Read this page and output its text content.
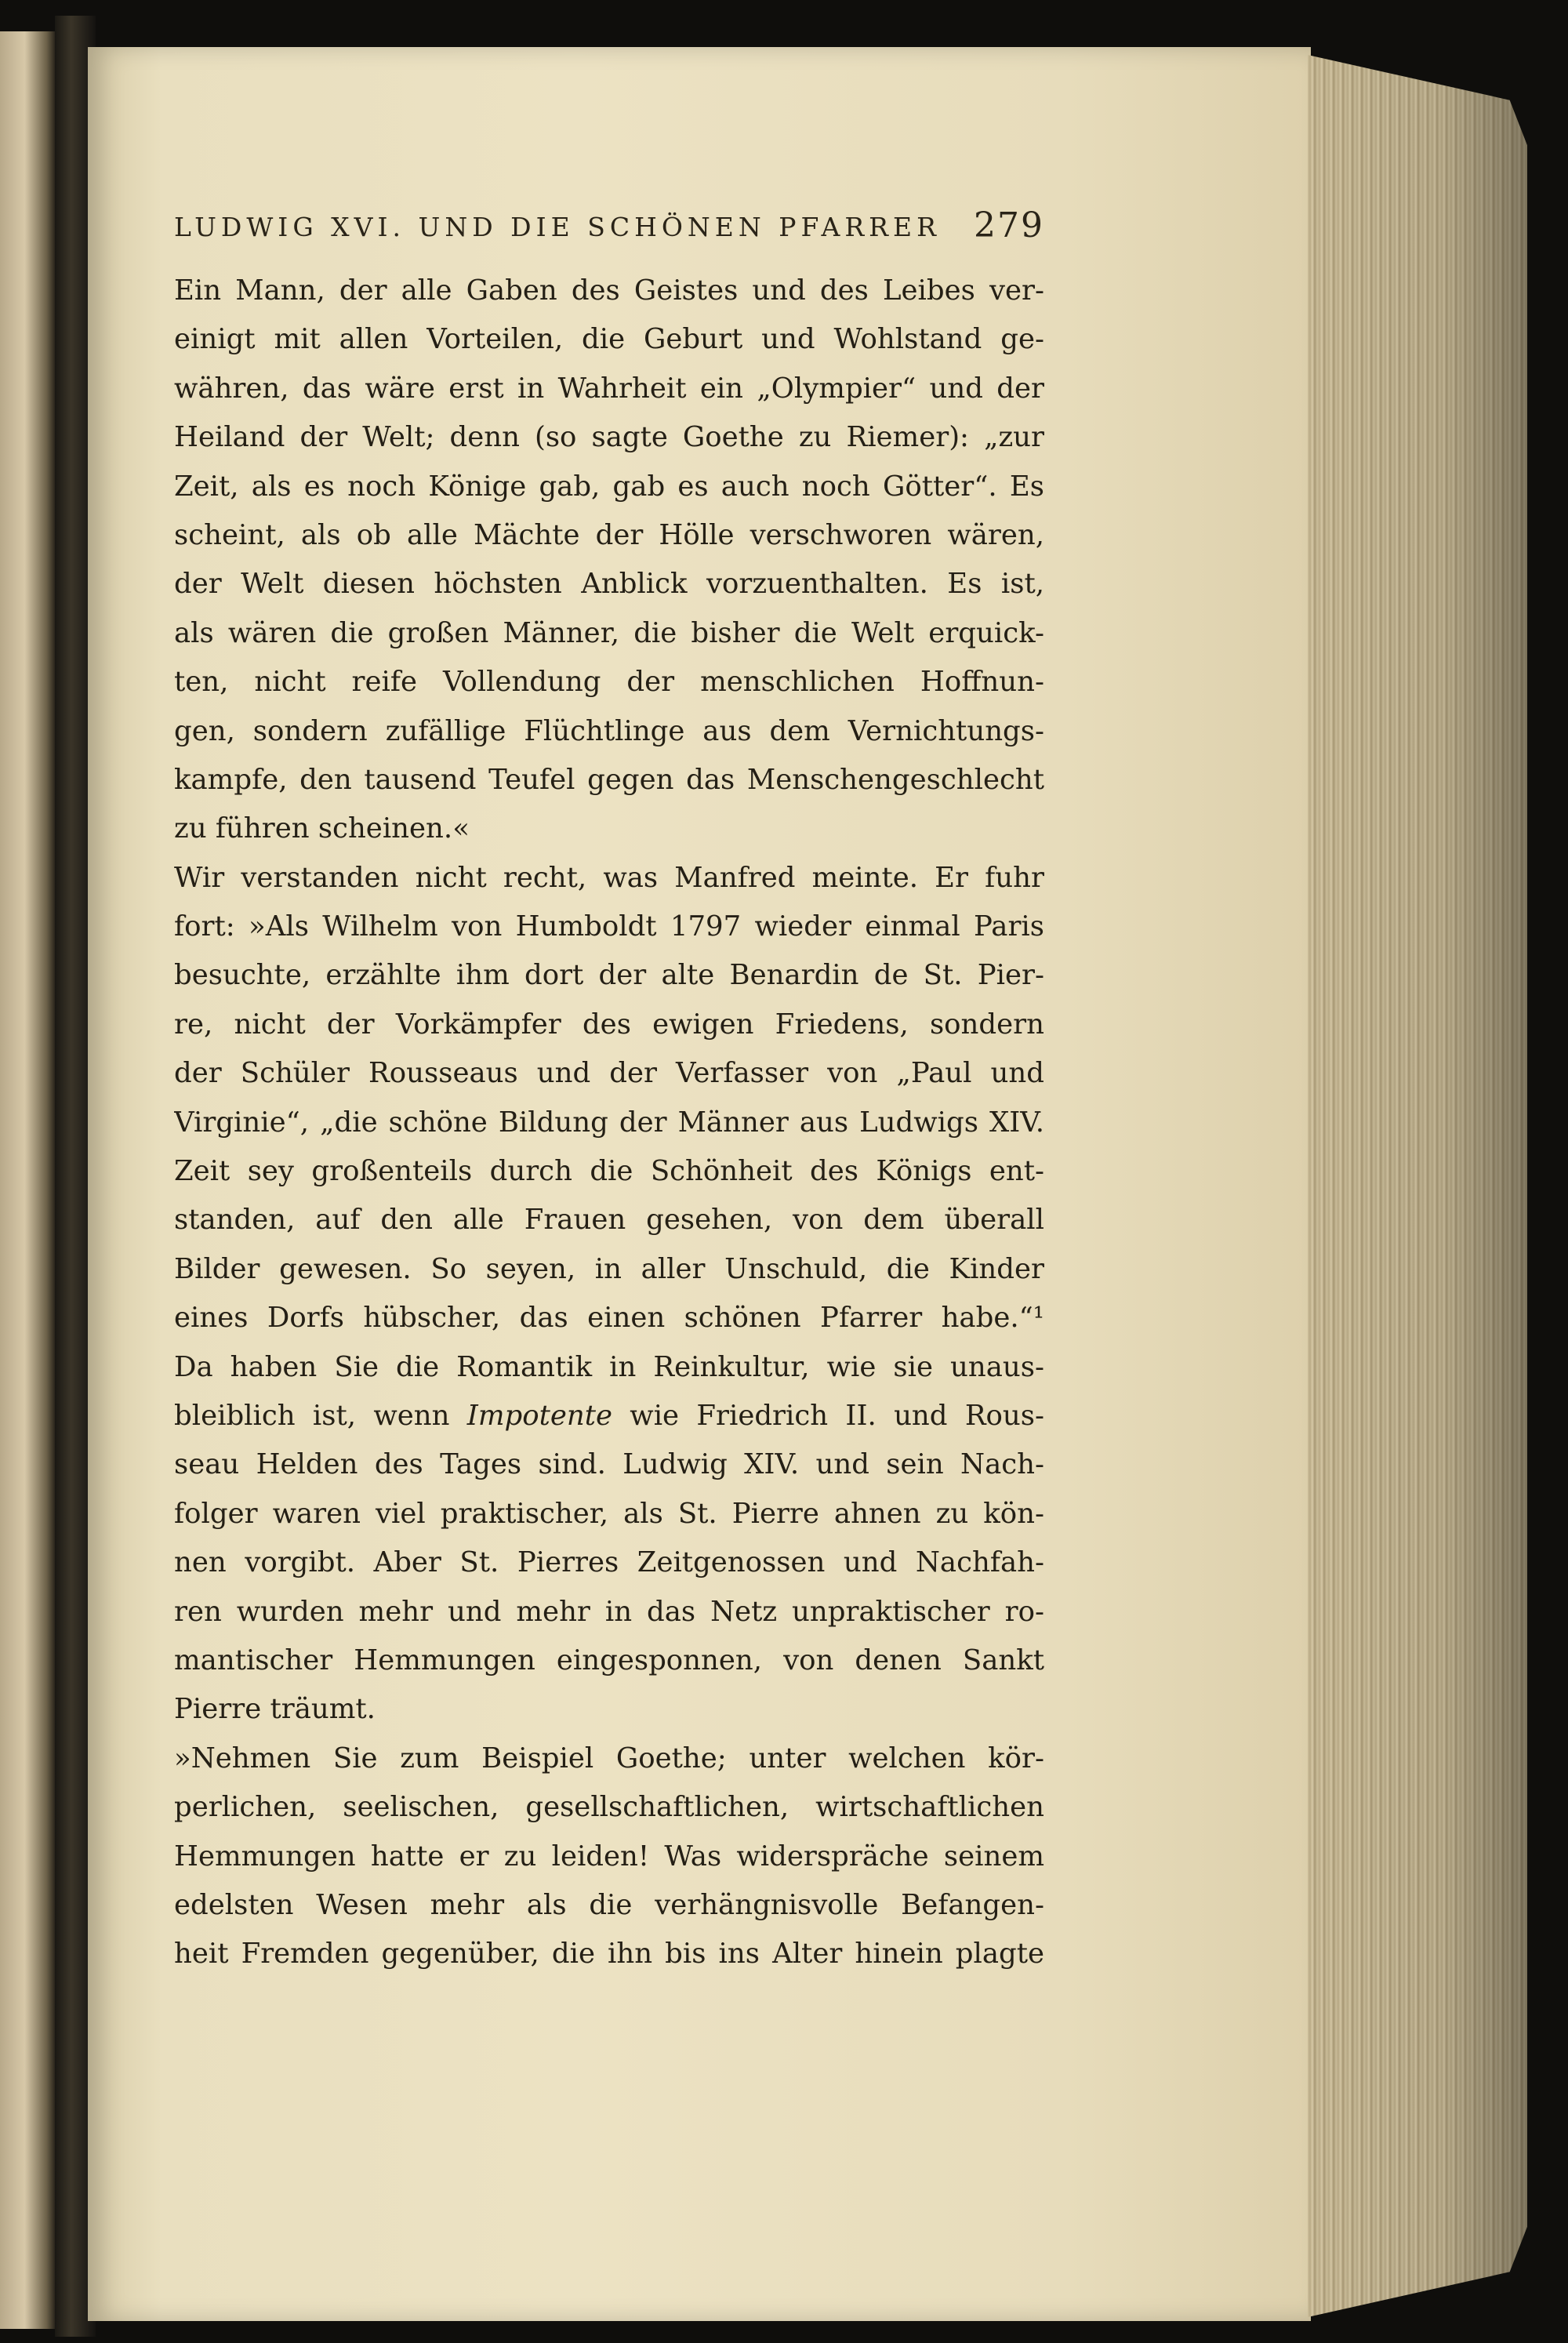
LUDWIG XVI. UND DIE SCHÖNEN PFARRER 279
Ein Mann, der alle Gaben des Geistes und des Leibes ver-
einigt mit allen Vorteilen, die Geburt und Wohlstand ge-
währen, das wäre erst in Wahrheit ein „Olympier“ und der
Heiland der Welt; denn (so sagte Goethe zu Riemer): „zur
Zeit, als es noch Könige gab, gab es auch noch Götter“. Es
scheint, als ob alle Mächte der Hölle verschworen wären,
der Welt diesen höchsten Anblick vorzuenthalten. Es ist,
als wären die großen Männer, die bisher die Welt erquick-
ten, nicht reife Vollendung der menschlichen Hoffnun-
gen, sondern zufällige Flüchtlinge aus dem Vernichtungs-
kampfe, den tausend Teufel gegen das Menschengeschlecht
zu führen scheinen.«
Wir verstanden nicht recht, was Manfred meinte. Er fuhr
fort: »Als Wilhelm von Humboldt 1797 wieder einmal Paris
besuchte, erzählte ihm dort der alte Benardin de St. Pier-
re, nicht der Vorkämpfer des ewigen Friedens, sondern
der Schüler Rousseaus und der Verfasser von „Paul und
Virginie“, „die schöne Bildung der Männer aus Ludwigs XIV.
Zeit sey großenteils durch die Schönheit des Königs ent-
standen, auf den alle Frauen gesehen, von dem überall
Bilder gewesen. So seyen, in aller Unschuld, die Kinder
eines Dorfs hübscher, das einen schönen Pfarrer habe.“¹
Da haben Sie die Romantik in Reinkultur, wie sie unaus-
bleiblich ist, wenn Impotente wie Friedrich II. und Rous-
seau Helden des Tages sind. Ludwig XIV. und sein Nach-
folger waren viel praktischer, als St. Pierre ahnen zu kön-
nen vorgibt. Aber St. Pierres Zeitgenossen und Nachfah-
ren wurden mehr und mehr in das Netz unpraktischer ro-
mantischer Hemmungen eingesponnen, von denen Sankt
Pierre träumt.
»Nehmen Sie zum Beispiel Goethe; unter welchen kör-
perlichen, seelischen, gesellschaftlichen, wirtschaftlichen
Hemmungen hatte er zu leiden! Was widerspräche seinem
edelsten Wesen mehr als die verhängnisvolle Befangen-
heit Fremden gegenüber, die ihn bis ins Alter hinein plagte
